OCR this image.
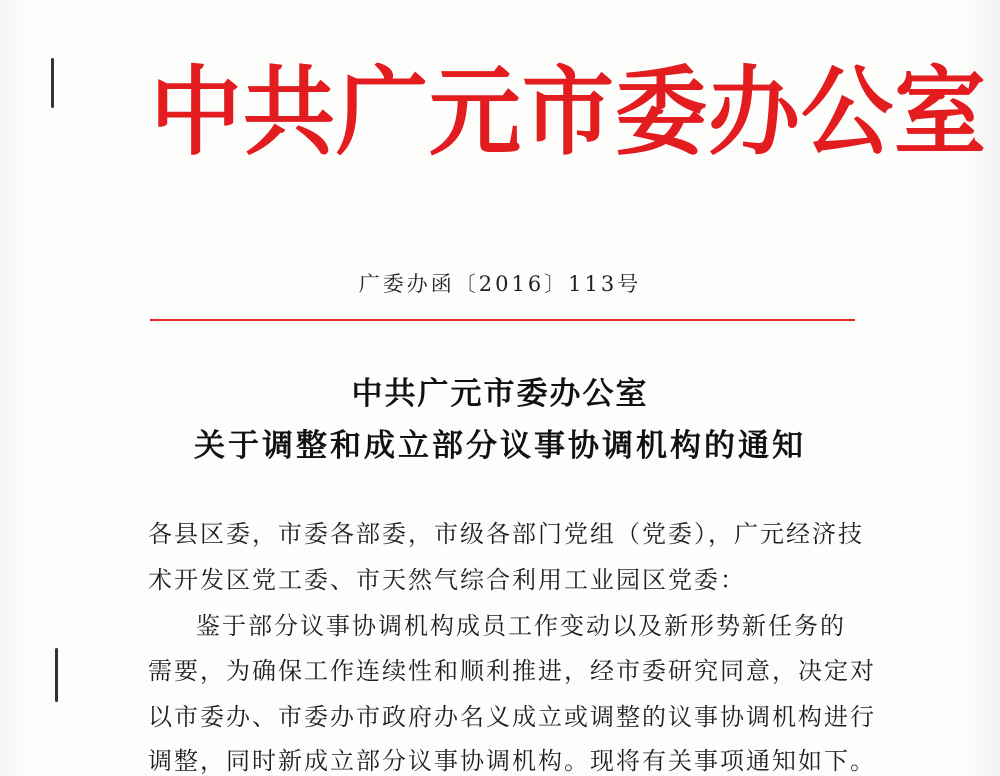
中共广元市委办公室
广委办函〔2016〕113号
中共广元市委办公室
关于调整和成立部分议事协调机构的通知
各县区委，市委各部委，市级各部门党组（党委），广元经济技
术开发区党工委、市天然气综合利用工业园区党委：
鉴于部分议事协调机构成员工作变动以及新形势新任务的
需要，为确保工作连续性和顺利推进，经市委研究同意，决定对
以市委办、市委办市政府办名义成立或调整的议事协调机构进行
调整，同时新成立部分议事协调机构。现将有关事项通知如下。
